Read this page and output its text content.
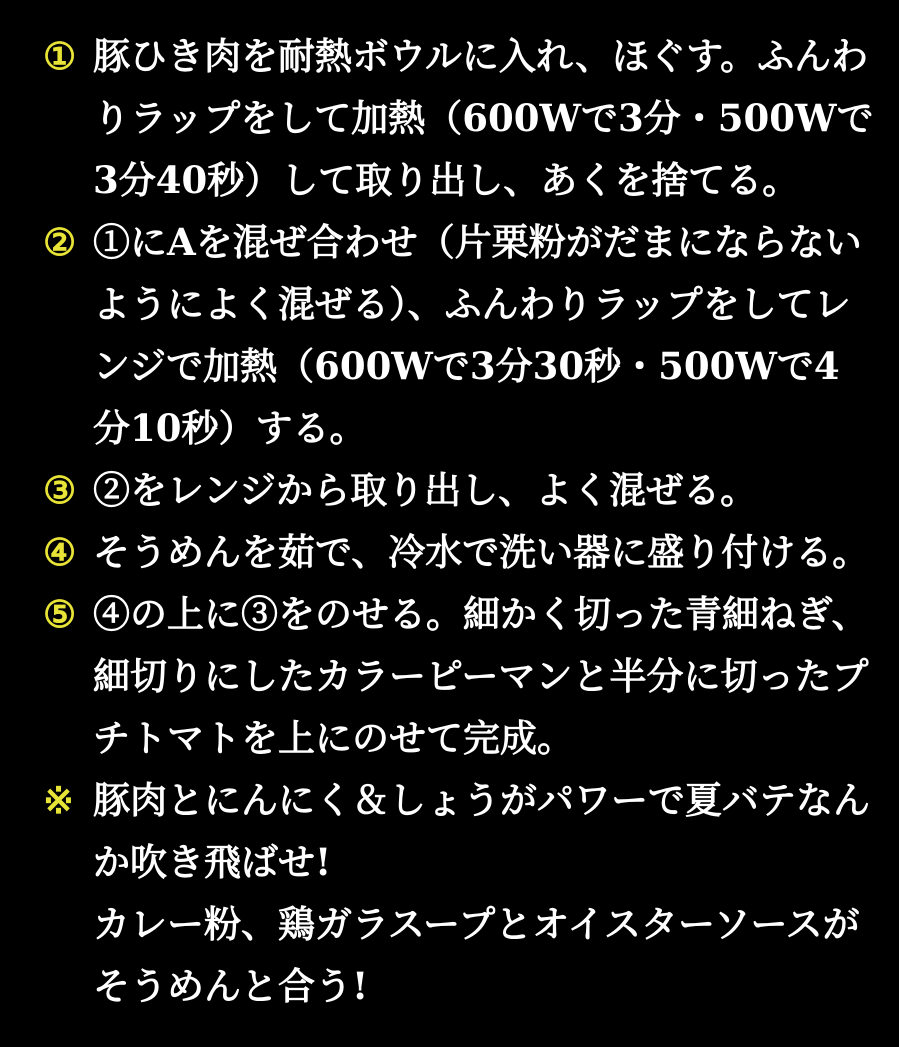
① 豚ひき肉を耐熱ボウルに入れ、ほぐす。ふんわりラップをして加熱（600Wで3分・500Wで3分40秒）して取り出し、あくを捨てる。
② ①にAを混ぜ合わせ（片栗粉がだまにならないようによく混ぜる）、ふんわりラップをしてレンジで加熱（600Wで3分30秒・500Wで4分10秒）する。
③ ②をレンジから取り出し、よく混ぜる。
④ そうめんを茹で、冷水で洗い器に盛り付ける。
⑤ ④の上に③をのせる。細かく切った青細ねぎ、細切りにしたカラーピーマンと半分に切ったプチトマトを上にのせて完成。
※ 豚肉とにんにく＆しょうがパワーで夏バテなんか吹き飛ばせ!
カレー粉、鶏ガラスープとオイスターソースがそうめんと合う!
